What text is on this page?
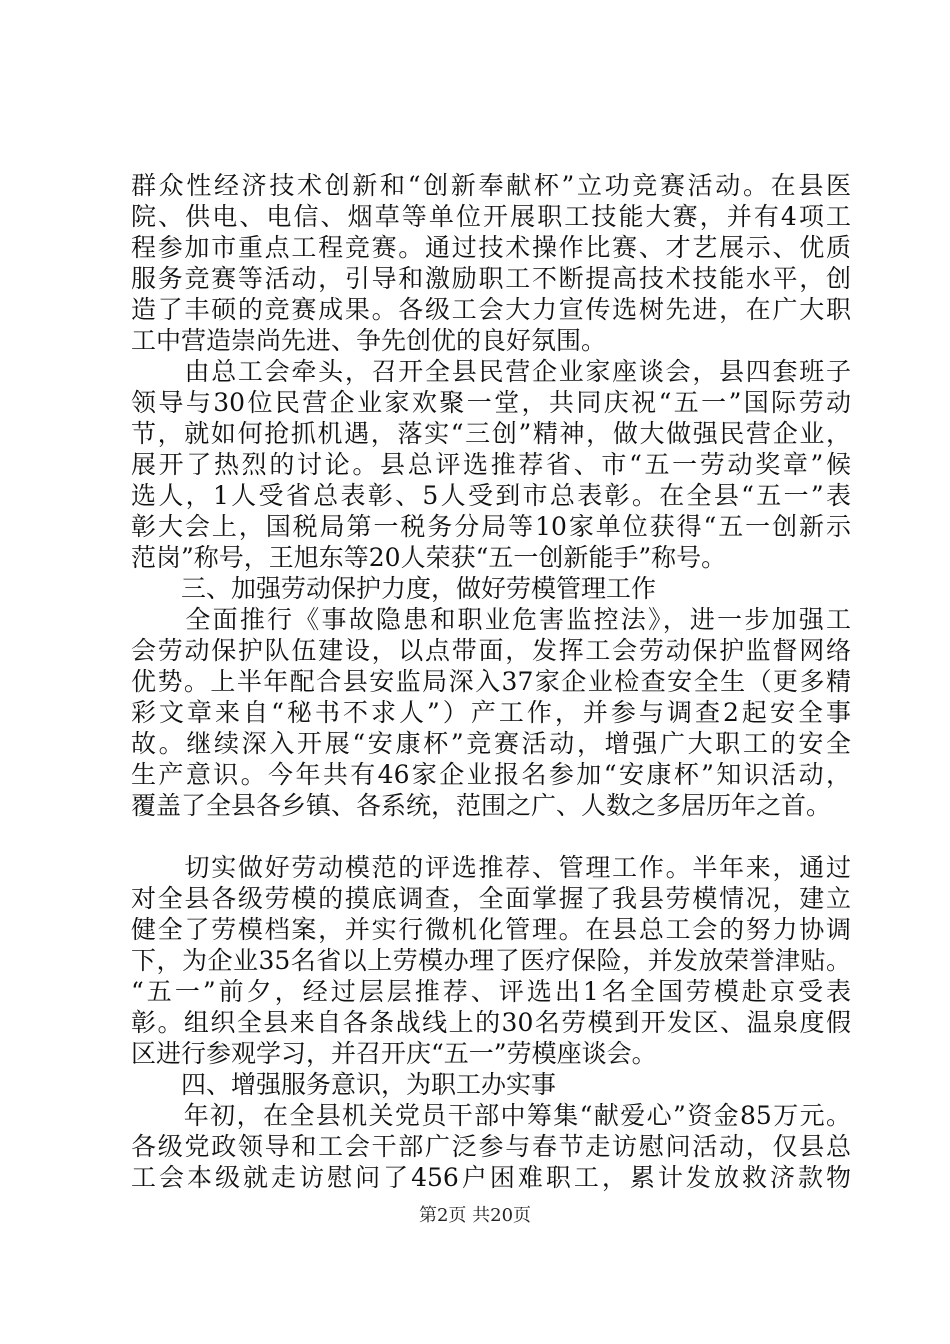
群众性经济技术创新和“创新奉献杯”立功竞赛活动。在县医
院、供电、电信、烟草等单位开展职工技能大赛，并有4项工
程参加市重点工程竞赛。通过技术操作比赛、才艺展示、优质
服务竞赛等活动，引导和激励职工不断提高技术技能水平，创
造了丰硕的竞赛成果。各级工会大力宣传选树先进，在广大职
工中营造崇尚先进、争先创优的良好氛围。
　　由总工会牵头，召开全县民营企业家座谈会，县四套班子
领导与30位民营企业家欢聚一堂，共同庆祝“五一”国际劳动
节，就如何抢抓机遇，落实“三创”精神，做大做强民营企业，
展开了热烈的讨论。县总评选推荐省、市“五一劳动奖章”候
选人，1人受省总表彰、5人受到市总表彰。在全县“五一”表
彰大会上，国税局第一税务分局等10家单位获得“五一创新示
范岗”称号，王旭东等20人荣获“五一创新能手”称号。
　　三、加强劳动保护力度，做好劳模管理工作
　　全面推行《事故隐患和职业危害监控法》，进一步加强工
会劳动保护队伍建设，以点带面，发挥工会劳动保护监督网络
优势。上半年配合县安监局深入37家企业检查安全生（更多精
彩文章来自“秘书不求人”）产工作，并参与调查2起安全事
故。继续深入开展“安康杯”竞赛活动，增强广大职工的安全
生产意识。今年共有46家企业报名参加“安康杯”知识活动，
覆盖了全县各乡镇、各系统，范围之广、人数之多居历年之首。
　　切实做好劳动模范的评选推荐、管理工作。半年来，通过
对全县各级劳模的摸底调查，全面掌握了我县劳模情况，建立
健全了劳模档案，并实行微机化管理。在县总工会的努力协调
下，为企业35名省以上劳模办理了医疗保险，并发放荣誉津贴。
“五一”前夕，经过层层推荐、评选出1名全国劳模赴京受表
彰。组织全县来自各条战线上的30名劳模到开发区、温泉度假
区进行参观学习，并召开庆“五一”劳模座谈会。
　　四、增强服务意识，为职工办实事
　　年初，在全县机关党员干部中筹集“献爱心”资金85万元。
各级党政领导和工会干部广泛参与春节走访慰问活动，仅县总
工会本级就走访慰问了456户困难职工，累计发放救济款物
第2页 共20页
